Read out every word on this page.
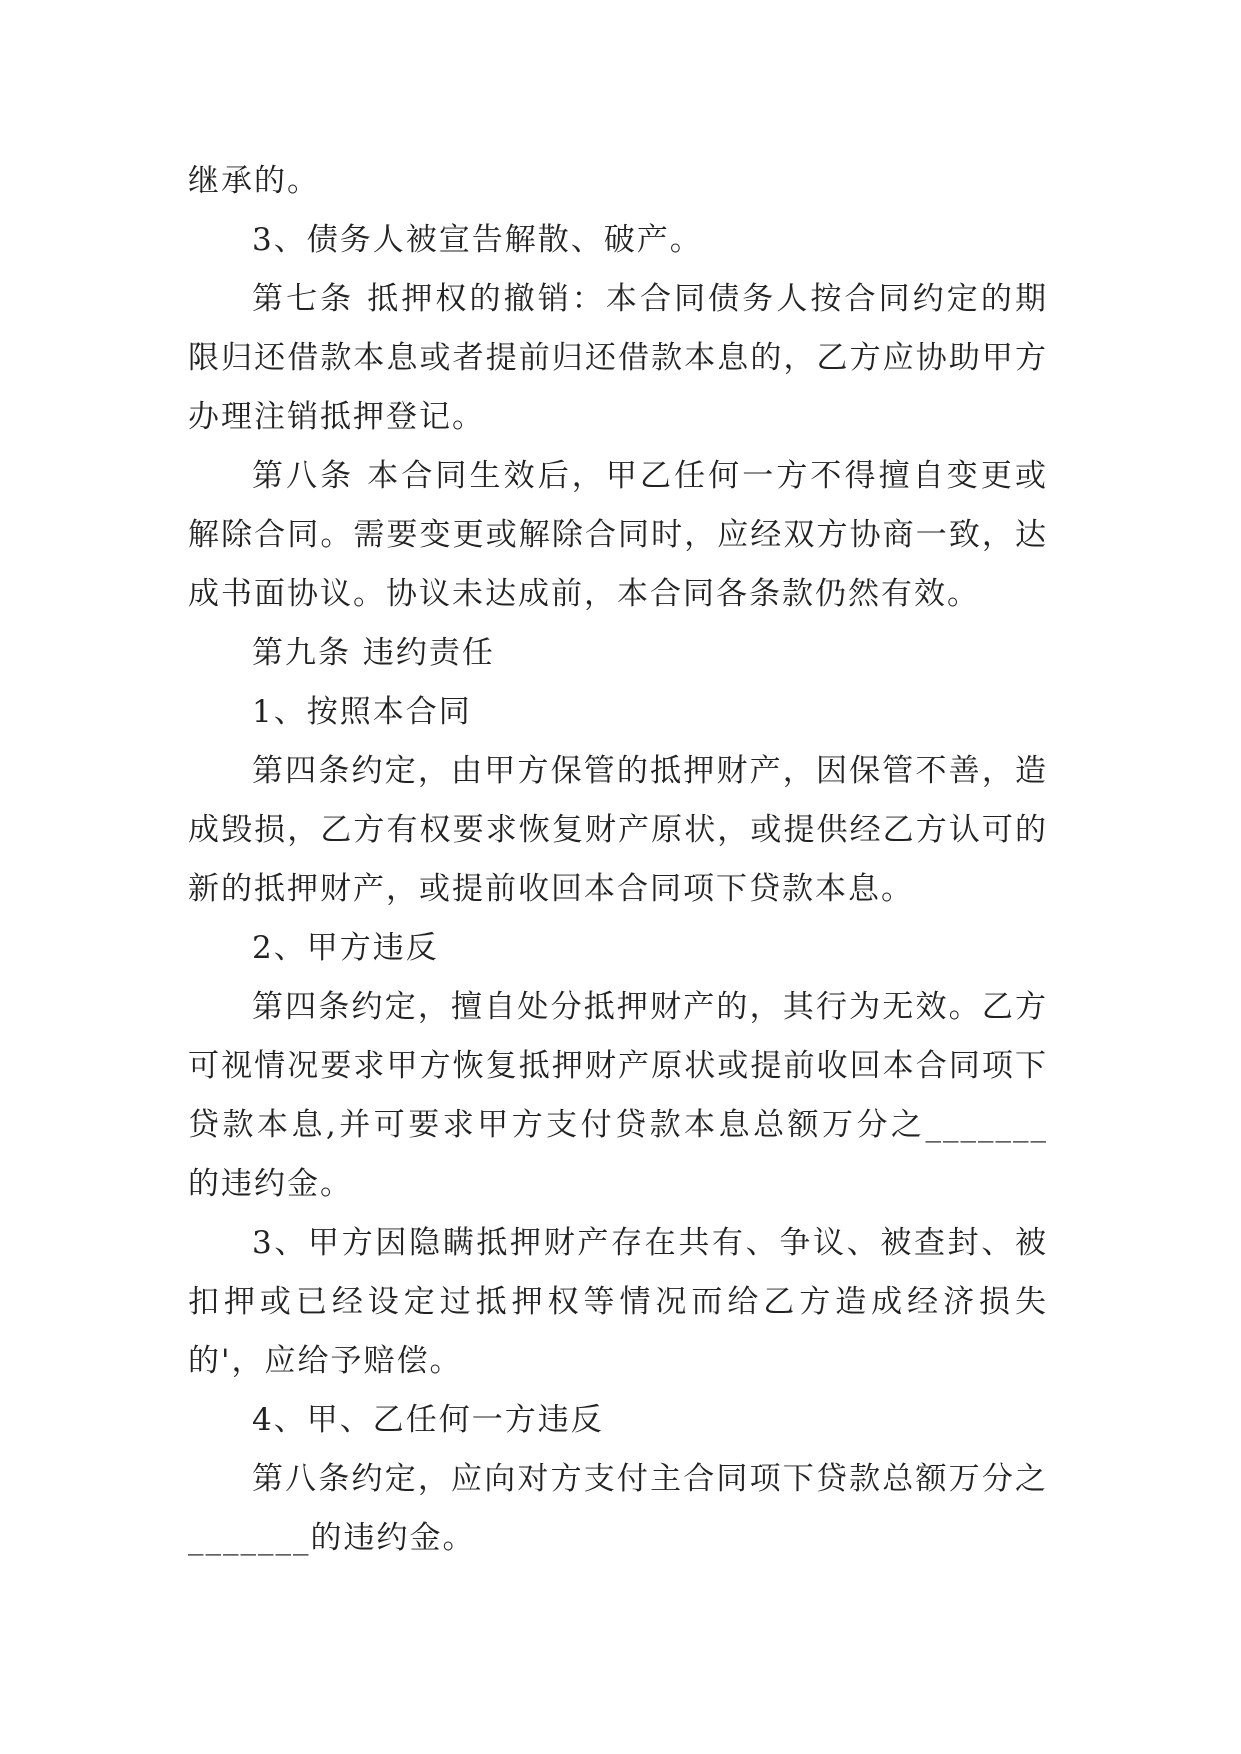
继承的。

3、债务人被宣告解散、破产。

第七条 抵押权的撤销：本合同债务人按合同约定的期限归还借款本息或者提前归还借款本息的，乙方应协助甲方办理注销抵押登记。

第八条 本合同生效后，甲乙任何一方不得擅自变更或解除合同。需要变更或解除合同时，应经双方协商一致，达成书面协议。协议未达成前，本合同各条款仍然有效。

第九条 违约责任

1、按照本合同

第四条约定，由甲方保管的抵押财产，因保管不善，造成毁损，乙方有权要求恢复财产原状，或提供经乙方认可的新的抵押财产，或提前收回本合同项下贷款本息。

2、甲方违反

第四条约定，擅自处分抵押财产的，其行为无效。乙方可视情况要求甲方恢复抵押财产原状或提前收回本合同项下贷款本息,并可要求甲方支付贷款本息总额万分之_______的违约金。

3、甲方因隐瞒抵押财产存在共有、争议、被查封、被扣押或已经设定过抵押权等情况而给乙方造成经济损失的'，应给予赔偿。

4、甲、乙任何一方违反

第八条约定，应向对方支付主合同项下贷款总额万分之_______的违约金。
